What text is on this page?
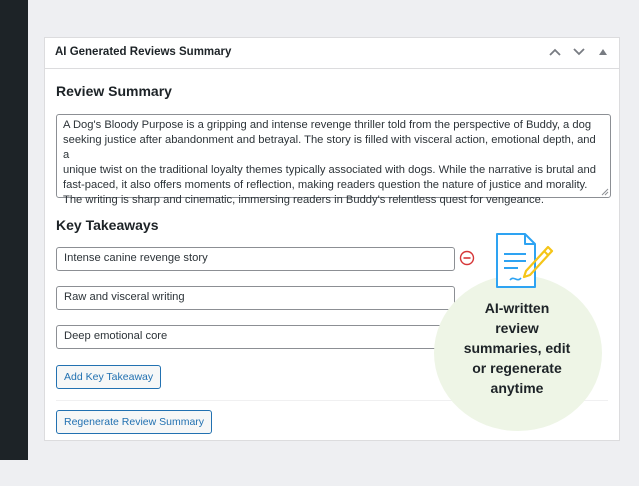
AI Generated Reviews Summary
Review Summary
A Dog's Bloody Purpose is a gripping and intense revenge thriller told from the perspective of Buddy, a dog
seeking justice after abandonment and betrayal. The story is filled with visceral action, emotional depth, and a
unique twist on the traditional loyalty themes typically associated with dogs. While the narrative is brutal and
fast-paced, it also offers moments of reflection, making readers question the nature of justice and morality.
The writing is sharp and cinematic, immersing readers in Buddy's relentless quest for vengeance.
Key Takeaways
Intense canine revenge story
Raw and visceral writing
Deep emotional core
Add Key Takeaway
Regenerate Review Summary
AI-written
review
summaries, edit
or regenerate
anytime
